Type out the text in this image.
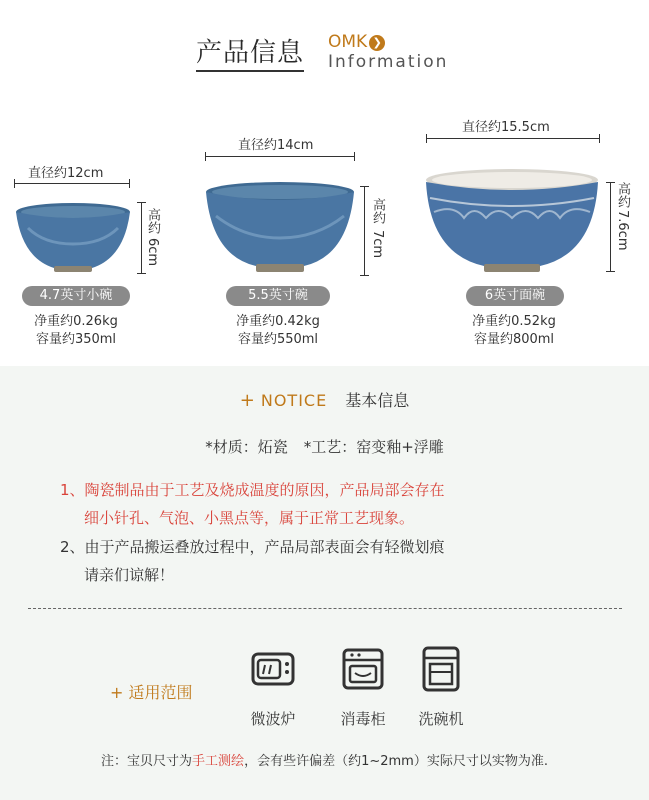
产品信息 OMK ❯
Information
直径约12cm
高约
6cm
4.7英寸小碗
净重约0.26kg
容量约350ml
直径约14cm
高约
7cm
5.5英寸碗
净重约0.42kg
容量约550ml
直径约15.5cm
高约
7.6cm
6英寸面碗
净重约0.52kg
容量约800ml
+ NOTICE 基本信息
*材质：炻瓷 *工艺：窑变釉+浮雕
1、陶瓷制品由于工艺及烧成温度的原因，产品局部会存在
细小针孔、气泡、小黑点等，属于正常工艺现象。
2、由于产品搬运叠放过程中，产品局部表面会有轻微划痕
请亲们谅解！
+ 适用范围
微波炉	消毒柜	洗碗机
注：宝贝尺寸为手工测绘，会有些许偏差（约1~2mm）实际尺寸以实物为准.
